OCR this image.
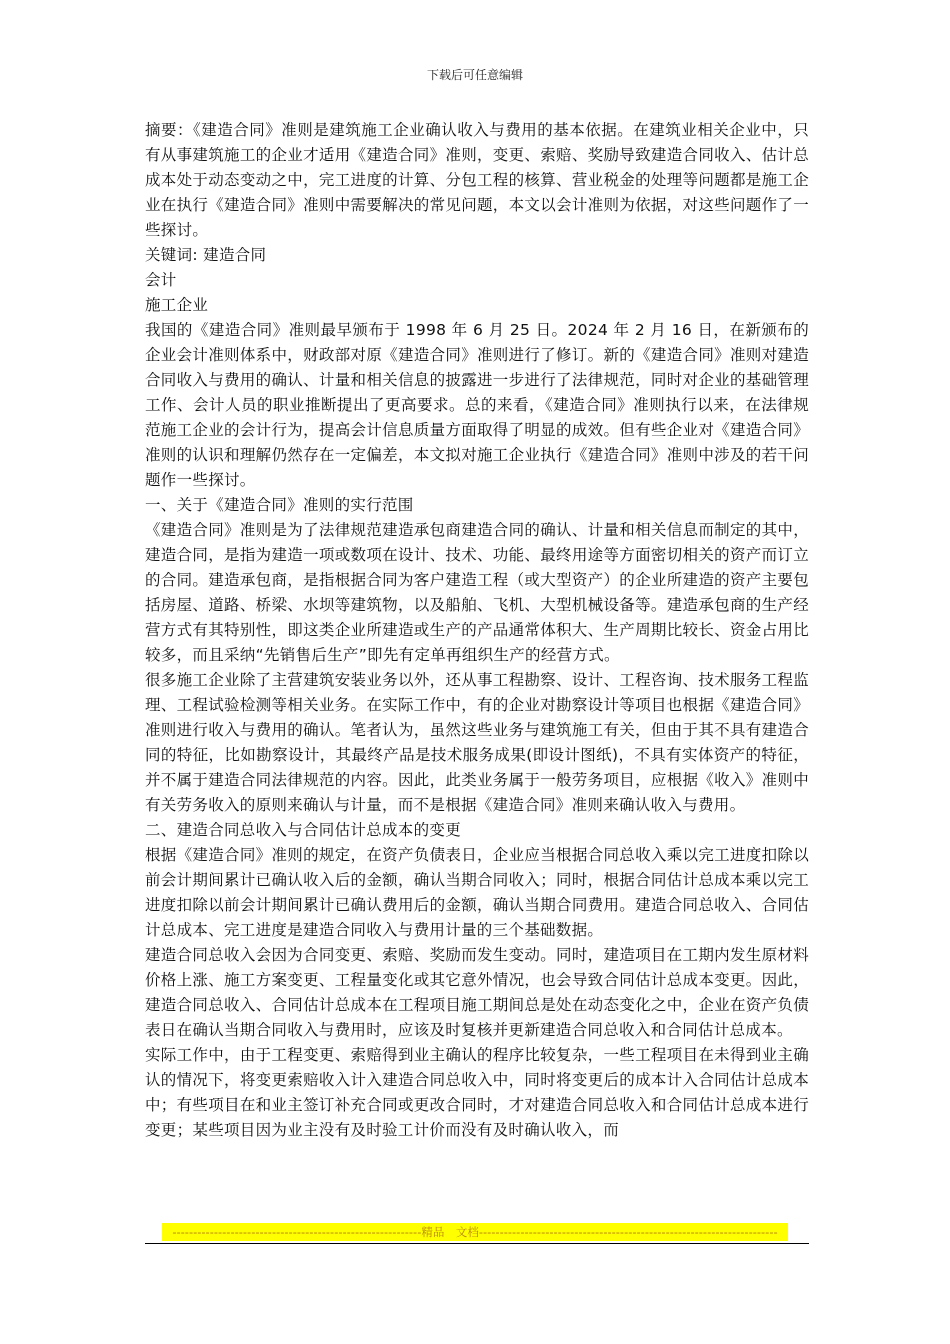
下载后可任意编辑

摘要：《建造合同》准则是建筑施工企业确认收入与费用的基本依据。在建筑业相关企业中，只有从事建筑施工的企业才适用《建造合同》准则，变更、索赔、奖励导致建造合同收入、估计总成本处于动态变动之中，完工进度的计算、分包工程的核算、营业税金的处理等问题都是施工企业在执行《建造合同》准则中需要解决的常见问题，本文以会计准则为依据，对这些问题作了一些探讨。

关键词: 建造合同

会计

施工企业

我国的《建造合同》准则最早颁布于 1998 年 6 月 25 日。2024 年 2 月 16 日，在新颁布的企业会计准则体系中，财政部对原《建造合同》准则进行了修订。新的《建造合同》准则对建造合同收入与费用的确认、计量和相关信息的披露进一步进行了法律规范，同时对企业的基础管理工作、会计人员的职业推断提出了更高要求。总的来看，《建造合同》准则执行以来，在法律规范施工企业的会计行为，提高会计信息质量方面取得了明显的成效。但有些企业对《建造合同》准则的认识和理解仍然存在一定偏差，本文拟对施工企业执行《建造合同》准则中涉及的若干问题作一些探讨。

一、关于《建造合同》准则的实行范围

《建造合同》准则是为了法律规范建造承包商建造合同的确认、计量和相关信息而制定的其中，建造合同，是指为建造一项或数项在设计、技术、功能、最终用途等方面密切相关的资产而订立的合同。建造承包商，是指根据合同为客户建造工程（或大型资产）的企业所建造的资产主要包括房屋、道路、桥梁、水坝等建筑物，以及船舶、飞机、大型机械设备等。建造承包商的生产经营方式有其特别性，即这类企业所建造或生产的产品通常体积大、生产周期比较长、资金占用比较多，而且采纳“先销售后生产”即先有定单再组织生产的经营方式。

很多施工企业除了主营建筑安装业务以外，还从事工程勘察、设计、工程咨询、技术服务工程监理、工程试验检测等相关业务。在实际工作中，有的企业对勘察设计等项目也根据《建造合同》准则进行收入与费用的确认。笔者认为，虽然这些业务与建筑施工有关，但由于其不具有建造合同的特征，比如勘察设计，其最终产品是技术服务成果(即设计图纸)，不具有实体资产的特征，并不属于建造合同法律规范的内容。因此，此类业务属于一般劳务项目，应根据《收入》准则中有关劳务收入的原则来确认与计量，而不是根据《建造合同》准则来确认收入与费用。

二、建造合同总收入与合同估计总成本的变更

根据《建造合同》准则的规定，在资产负债表日，企业应当根据合同总收入乘以完工进度扣除以前会计期间累计已确认收入后的金额，确认当期合同收入；同时，根据合同估计总成本乘以完工进度扣除以前会计期间累计已确认费用后的金额，确认当期合同费用。建造合同总收入、合同估计总成本、完工进度是建造合同收入与费用计量的三个基础数据。

建造合同总收入会因为合同变更、索赔、奖励而发生变动。同时，建造项目在工期内发生原材料价格上涨、施工方案变更、工程量变化或其它意外情况，也会导致合同估计总成本变更。因此，建造合同总收入、合同估计总成本在工程项目施工期间总是处在动态变化之中，企业在资产负债表日在确认当期合同收入与费用时，应该及时复核并更新建造合同总收入和合同估计总成本。

实际工作中，由于工程变更、索赔得到业主确认的程序比较复杂，一些工程项目在未得到业主确认的情况下，将变更索赔收入计入建造合同总收入中，同时将变更后的成本计入合同估计总成本中；有些项目在和业主签订补充合同或更改合同时，才对建造合同总收入和合同估计总成本进行变更；某些项目因为业主没有及时验工计价而没有及时确认收入，而

------------------------------------------------------------精品　文档------------------------------------------------------------------------
